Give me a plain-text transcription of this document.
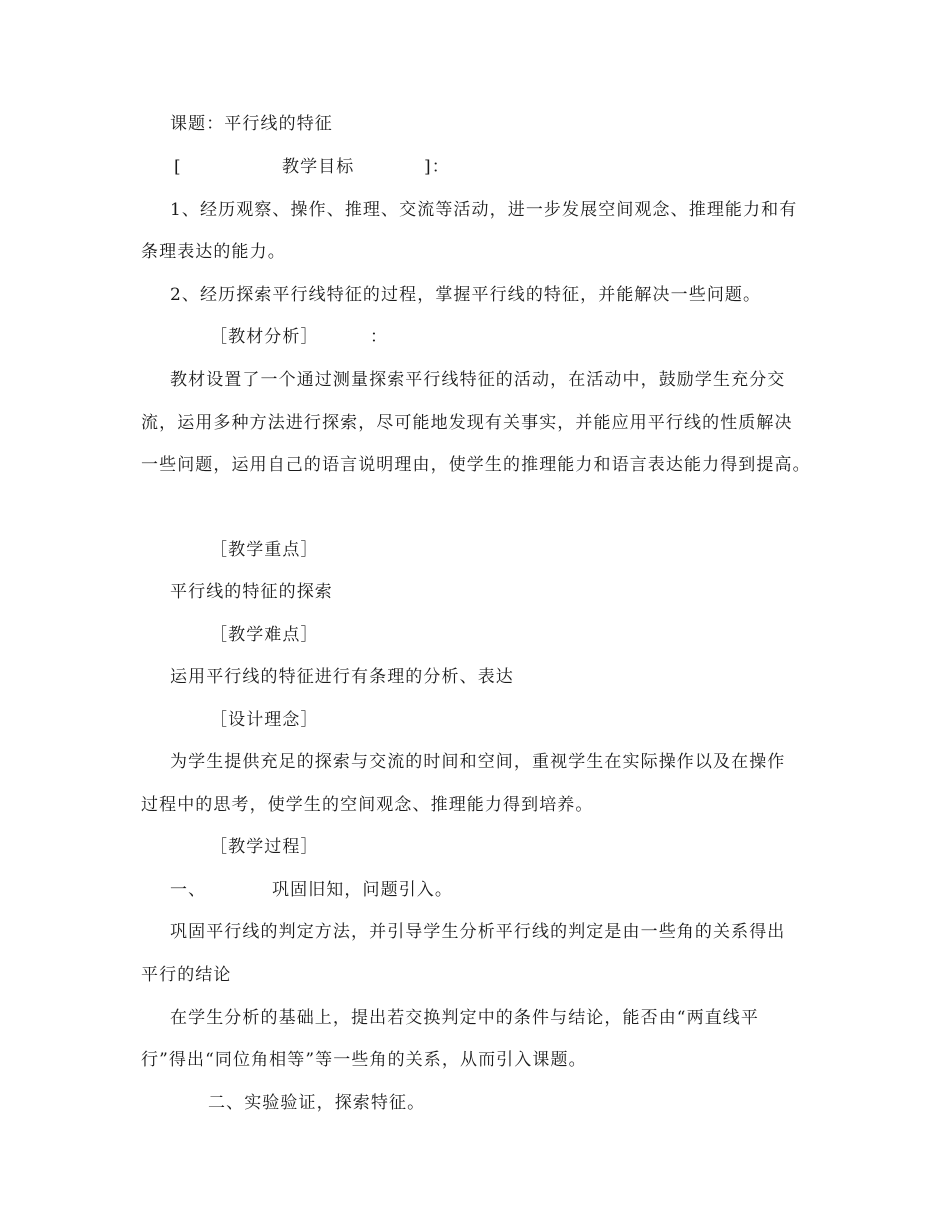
课题：平行线的特征
[	教学目标	]：
1、经历观察、操作、推理、交流等活动，进一步发展空间观念、推理能力和有
条理表达的能力。
2、经历探索平行线特征的过程，掌握平行线的特征，并能解决一些问题。
［教材分析］	：
教材设置了一个通过测量探索平行线特征的活动，在活动中，鼓励学生充分交
流，运用多种方法进行探索，尽可能地发现有关事实，并能应用平行线的性质解决
一些问题，运用自己的语言说明理由，使学生的推理能力和语言表达能力得到提高。
［教学重点］
平行线的特征的探索
［教学难点］
运用平行线的特征进行有条理的分析、表达
［设计理念］
为学生提供充足的探索与交流的时间和空间，重视学生在实际操作以及在操作
过程中的思考，使学生的空间观念、推理能力得到培养。
［教学过程］
一、	巩固旧知，问题引入。
巩固平行线的判定方法，并引导学生分析平行线的判定是由一些角的关系得出
平行的结论
在学生分析的基础上，提出若交换判定中的条件与结论，能否由“两直线平
行”得出“同位角相等”等一些角的关系，从而引入课题。
二、实验验证，探索特征。
